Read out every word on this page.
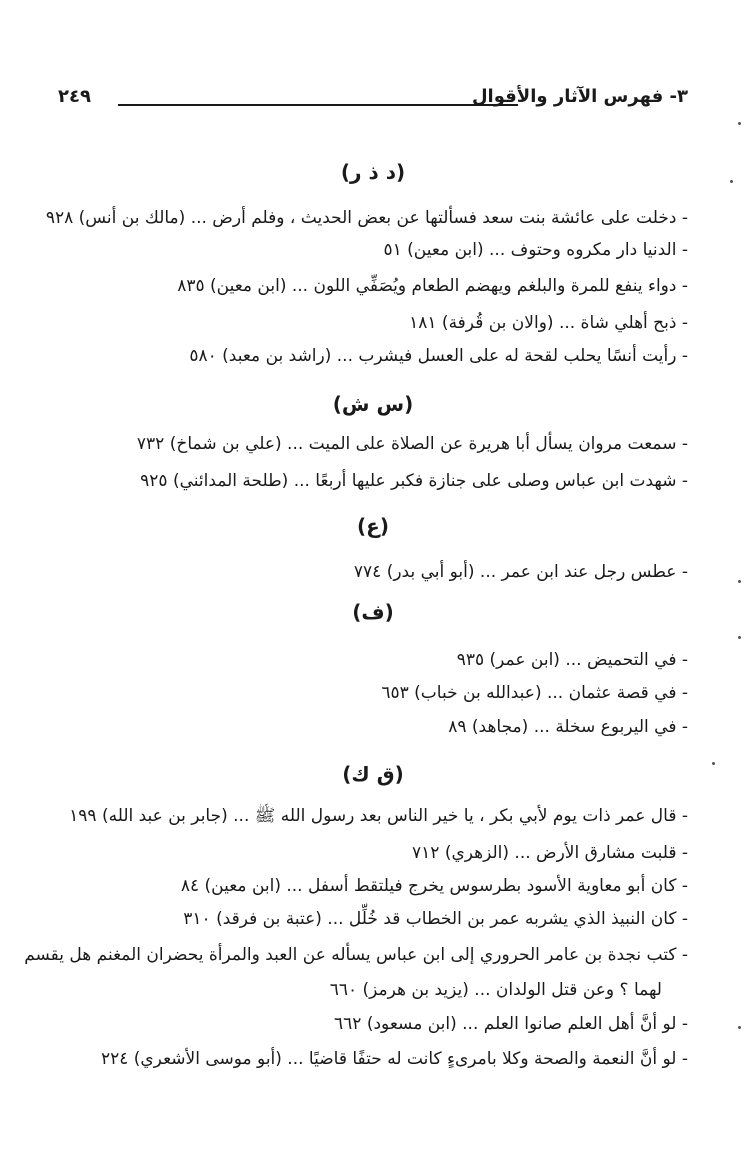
٣- فهرس الآثار والأقوال
٢٤٩
(د ذ ر)
- دخلت على عائشة بنت سعد فسألتها عن بعض الحديث ، وفلم أرض ... (مالك بن أنس) ٩٢٨
- الدنيا دار مكروه وحتوف ... (ابن معين) ٥١
- دواء ينفع للمرة والبلغم ويهضم الطعام ويُصَفِّي اللون ... (ابن معين) ٨٣٥
- ذبح أهلي شاة ... (والان بن قُرفة) ١٨١
- رأيت أنسًا يحلب لقحة له على العسل فيشرب ... (راشد بن معبد) ٥٨٠
(س ش)
- سمعت مروان يسأل أبا هريرة عن الصلاة على الميت ... (علي بن شماخ) ٧٣٢
- شهدت ابن عباس وصلى على جنازة فكبر عليها أربعًا ... (طلحة المدائني) ٩٢٥
(ع)
- عطس رجل عند ابن عمر ... (أبو أبي بدر) ٧٧٤
(ف)
- في التحميض ... (ابن عمر) ٩٣٥
- في قصة عثمان ... (عبدالله بن خباب) ٦٥٣
- في اليربوع سخلة ... (مجاهد) ٨٩
(ق ك)
- قال عمر ذات يوم لأبي بكر ، يا خير الناس بعد رسول الله ﷺ ... (جابر بن عبد الله) ١٩٩
- قلبت مشارق الأرض ... (الزهري) ٧١٢
- كان أبو معاوية الأسود بطرسوس يخرج فيلتقط أسفل ... (ابن معين) ٨٤
- كان النبيذ الذي يشربه عمر بن الخطاب قد خُلِّل ... (عتبة بن فرقد) ٣١٠
- كتب نجدة بن عامر الحروري إلى ابن عباس يسأله عن العبد والمرأة يحضران المغنم هل يقسم
لهما ؟ وعن قتل الولدان ... (يزيد بن هرمز) ٦٦٠
- لو أنَّ أهل العلم صانوا العلم ... (ابن مسعود) ٦٦٢
- لو أنَّ النعمة والصحة وكلا بامرىءٍ كانت له حتفًا قاضيًا ... (أبو موسى الأشعري) ٢٢٤
